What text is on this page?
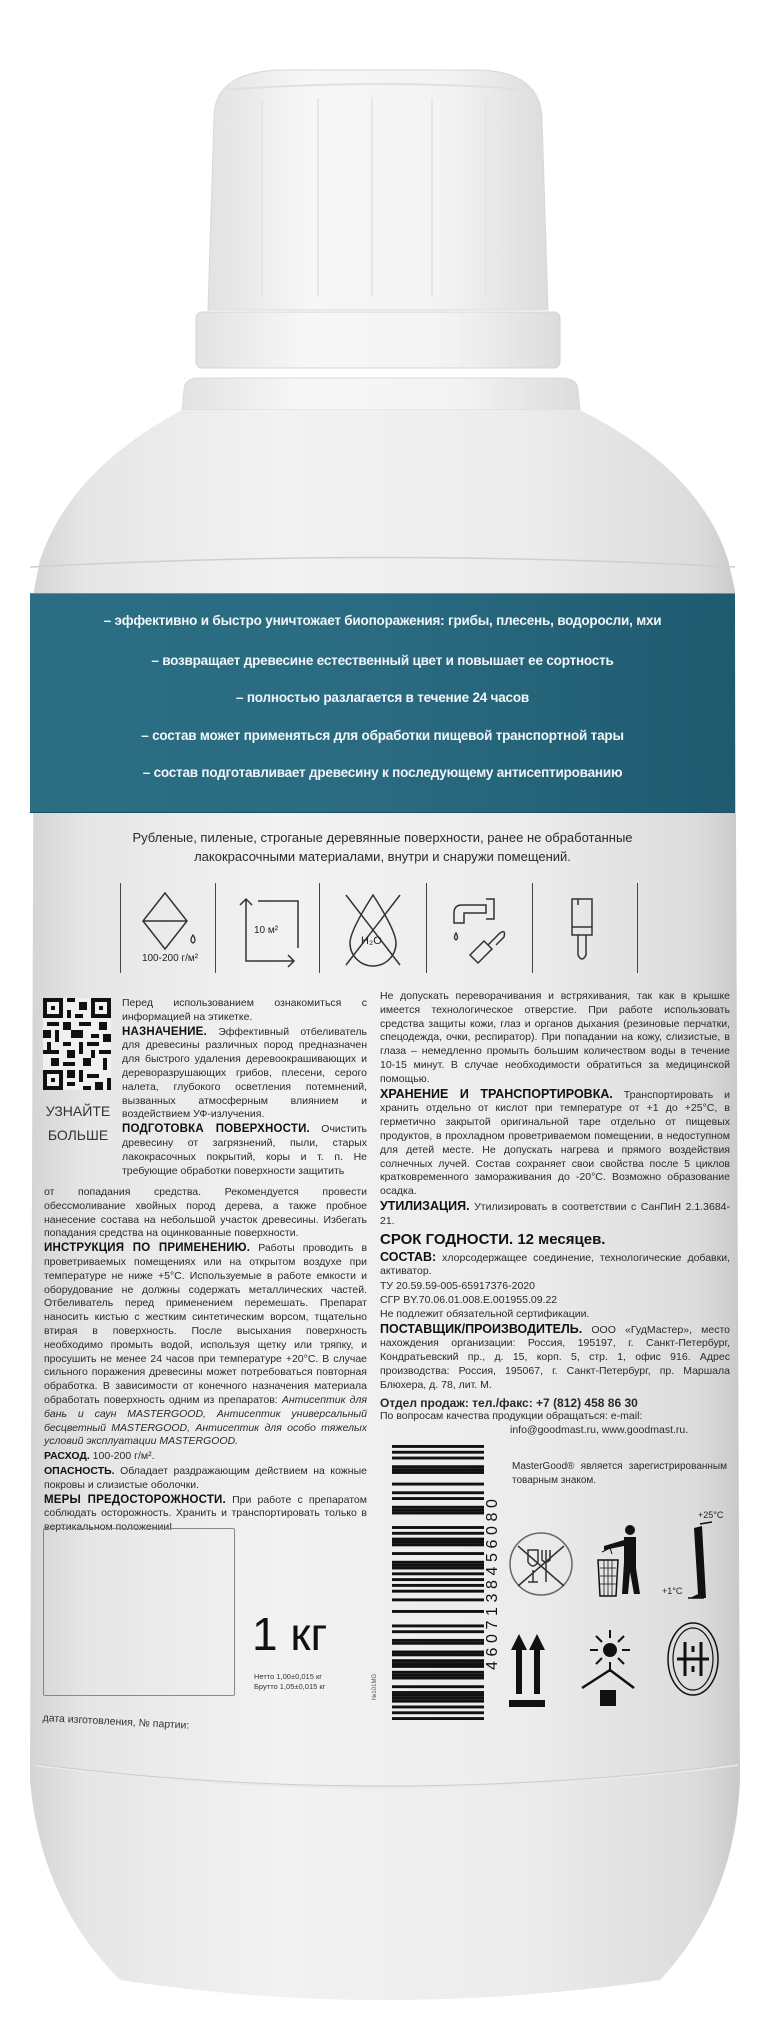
– эффективно и быстро уничтожает биопоражения: грибы, плесень, водоросли, мхи
– возвращает древесине естественный цвет и повышает ее сортность
– полностью разлагается в течение 24 часов
– состав может применяться для обработки пищевой транспортной тары
– состав подготавливает древесину к последующему антисептированию
Рубленые, пиленые, строганые деревянные поверхности, ранее не обработанные лакокрасочными материалами, внутри и снаружи помещений.
100-200 г/м²
10 м²
H₂O
УЗНАЙТЕ
БОЛЬШЕ

Перед использованием ознакомиться с информацией на этикетке.

НАЗНАЧЕНИЕ. Эффективный отбеливатель для древесины различных пород предназначен для быстрого удаления деревоокрашивающих и дереворазрушающих грибов, плесени, серого налета, глубокого осветления потемнений, вызванных атмосферным влиянием и воздействием УФ-излучения.

ПОДГОТОВКА ПОВЕРХНОСТИ. Очистить древесину от загрязнений, пыли, старых лакокрасочных покрытий, коры и т. п. Не требующие обработки поверхности защитить

от попадания средства. Рекомендуется провести обессмоливание хвойных пород дерева, а также пробное нанесение состава на небольшой участок древесины. Избегать попадания средства на оцинкованные поверхности.

ИНСТРУКЦИЯ ПО ПРИМЕНЕНИЮ. Работы проводить в проветриваемых помещениях или на открытом воздухе при температуре не ниже +5°С. Используемые в работе емкости и оборудование не должны содержать металлических частей. Отбеливатель перед применением перемешать. Препарат наносить кистью с жестким синтетическим ворсом, тщательно втирая в поверхность. После высыхания поверхность необходимо промыть водой, используя щетку или тряпку, и просушить не менее 24 часов при температуре +20°С. В случае сильного поражения древесины может потребоваться повторная обработка. В зависимости от конечного назначения материала обработать поверхность одним из препаратов: Антисептик для бань и саун MASTERGOOD, Антисептик универсальный бесцветный MASTERGOOD, Антисептик для особо тяжелых условий эксплуатации MASTERGOOD.

РАСХОД. 100-200 г/м².

ОПАСНОСТЬ. Обладает раздражающим действием на кожные покровы и слизистые оболочки.

МЕРЫ ПРЕДОСТОРОЖНОСТИ. При работе с препаратом соблюдать осторожность. Хранить и транспортировать только в вертикальном положении!

дата изготовления, № партии:
1 кг
Нетто 1,00±0,015 кг
Брутто 1,05±0,015 кг

Не допускать переворачивания и встряхивания, так как в крышке имеется технологическое отверстие. При работе использовать средства защиты кожи, глаз и органов дыхания (резиновые перчатки, спецодежда, очки, респиратор). При попадании на кожу, слизистые, в глаза – немедленно промыть большим количеством воды в течение 10-15 минут. В случае необходимости обратиться за медицинской помощью.

ХРАНЕНИЕ И ТРАНСПОРТИРОВКА. Транспортировать и хранить отдельно от кислот при температуре от +1 до +25°С, в герметично закрытой оригинальной таре отдельно от пищевых продуктов, в прохладном проветриваемом помещении, в недоступном для детей месте. Не допускать нагрева и прямого воздействия солнечных лучей. Состав сохраняет свои свойства после 5 циклов кратковременного замораживания до -20°С. Возможно образование осадка.

УТИЛИЗАЦИЯ. Утилизировать в соответствии с СанПиН 2.1.3684-21.

СРОК ГОДНОСТИ. 12 месяцев.

СОСТАВ: хлорсодержащее соединение, технологические добавки, активатор.

ТУ 20.59.59-005-65917376-2020

СГР BY.70.06.01.008.E.001955.09.22

Не подлежит обязательной сертификации.

ПОСТАВЩИК/ПРОИЗВОДИТЕЛЬ. ООО «ГудМастер», место нахождения организации: Россия, 195197, г. Санкт-Петербург, Кондратьевский пр., д. 15, корп. 5, стр. 1, офис 916. Адрес производства: Россия, 195067, г. Санкт-Петербург, пр. Маршала Блюхера, д. 78, лит. М.

Отдел продаж: тел./факс: +7 (812) 458 86 30

По вопросам качества продукции обращаться: e-mail:

info@goodmast.ru, www.goodmast.ru.

MasterGood® является зарегистрированным товарным знаком.
4607138456080
№101MG
+25°C
+1°C
